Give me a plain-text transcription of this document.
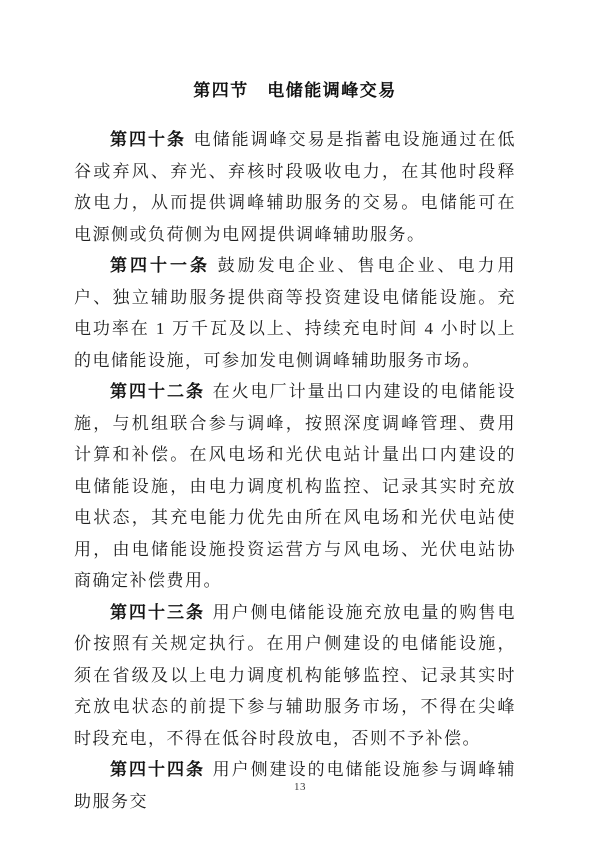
第四节　电储能调峰交易

第四十条 电储能调峰交易是指蓄电设施通过在低谷或弃风、弃光、弃核时段吸收电力，在其他时段释放电力，从而提供调峰辅助服务的交易。电储能可在电源侧或负荷侧为电网提供调峰辅助服务。

第四十一条 鼓励发电企业、售电企业、电力用户、独立辅助服务提供商等投资建设电储能设施。充电功率在 1 万千瓦及以上、持续充电时间 4 小时以上的电储能设施，可参加发电侧调峰辅助服务市场。

第四十二条 在火电厂计量出口内建设的电储能设施，与机组联合参与调峰，按照深度调峰管理、费用计算和补偿。在风电场和光伏电站计量出口内建设的电储能设施，由电力调度机构监控、记录其实时充放电状态，其充电能力优先由所在风电场和光伏电站使用，由电储能设施投资运营方与风电场、光伏电站协商确定补偿费用。

第四十三条 用户侧电储能设施充放电量的购售电价按照有关规定执行。在用户侧建设的电储能设施，须在省级及以上电力调度机构能够监控、记录其实时充放电状态的前提下参与辅助服务市场，不得在尖峰时段充电，不得在低谷时段放电，否则不予补偿。

第四十四条 用户侧建设的电储能设施参与调峰辅助服务交

13
